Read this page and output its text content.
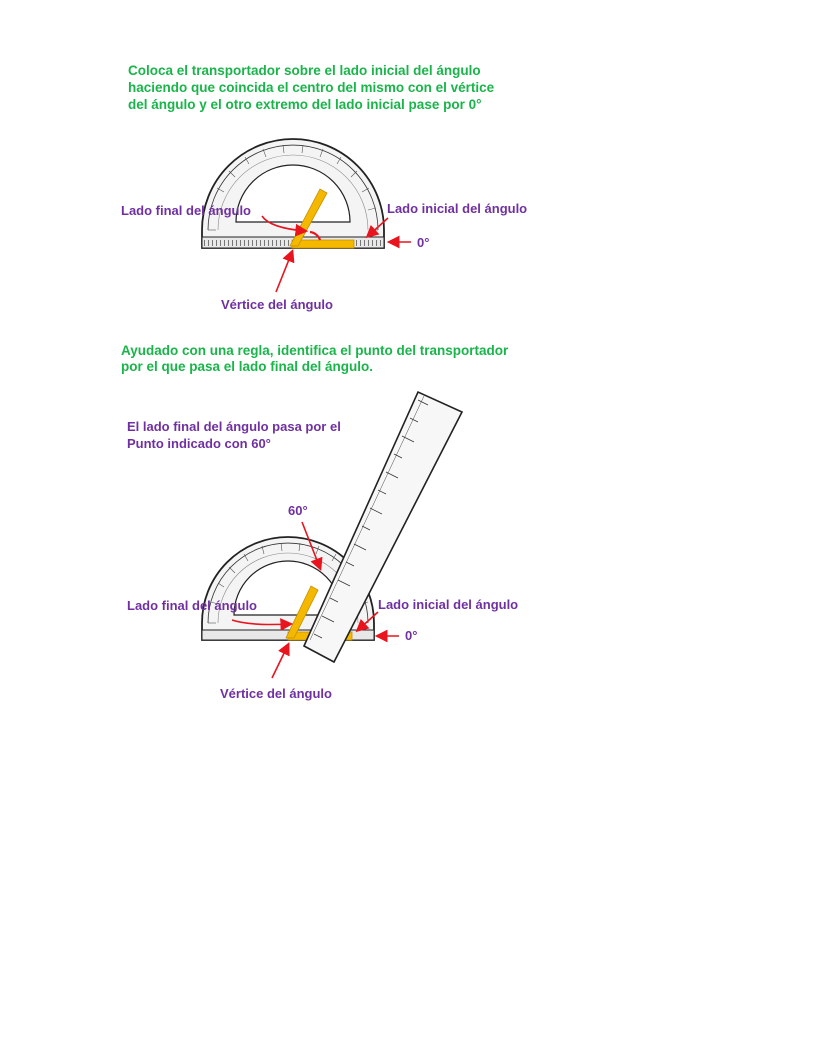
Coloca el transportador sobre el lado inicial del ángulo

haciendo que coincida el centro del mismo con el vértice

del ángulo y el otro extremo del lado inicial pase por 0°

Ayudado con una regla, identifica el punto del transportador

por el que pasa el lado final del ángulo.

El lado final del ángulo pasa por el

Punto indicado con 60°

Lado final del ángulo	Lado inicial del ángulo

0°

Vértice del ángulo

60°

Lado final del ángulo	Lado inicial del ángulo

0°

Vértice del ángulo
